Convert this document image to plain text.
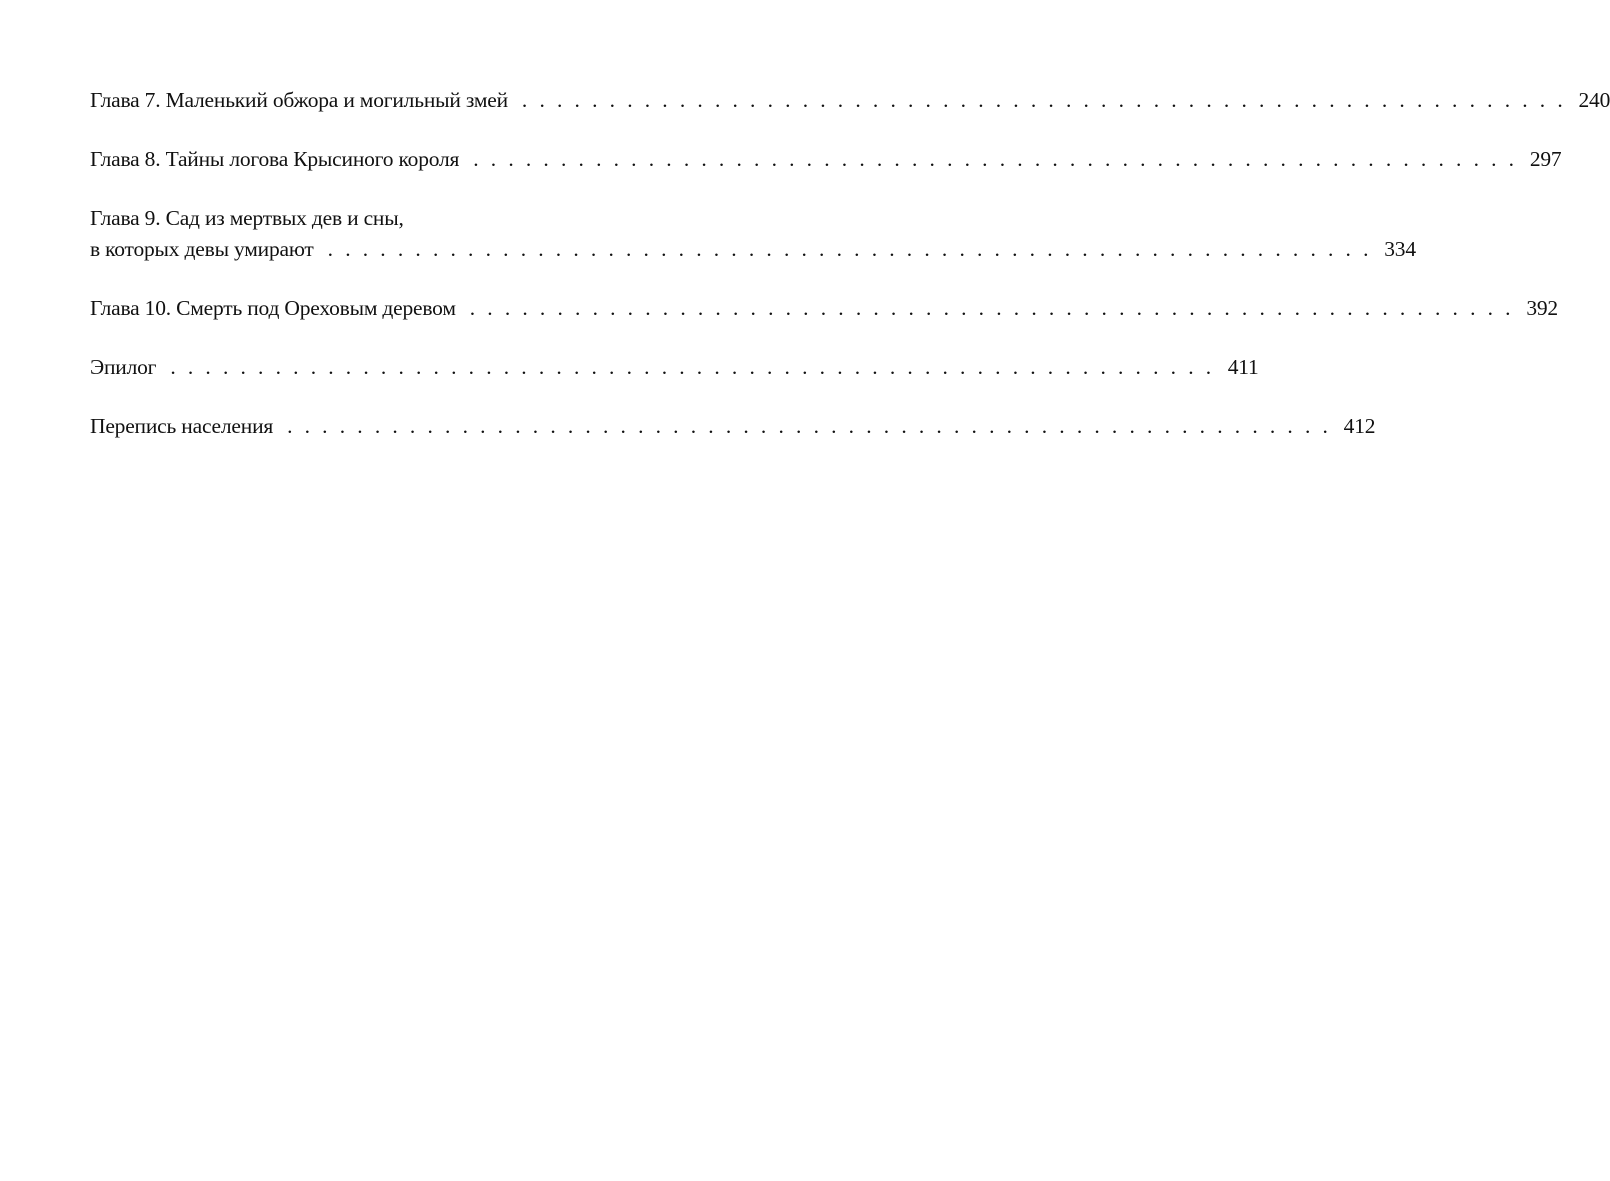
Глава 7. Маленький обжора и могильный змей . . . . . . . . . . . . . . . . . . . . . . . . . . . . . . . . . . . . . . . . . . . . . . . . . . . . . . . . . . . . 240
Глава 8. Тайны логова Крысиного короля . . . . . . . . . . . . . . . . . . . . . . . . . . . . . . . . . . . . . . . . . . . . . . . . . . . . . . . . . . . . 297
Глава 9. Сад из мертвых дев и сны,
в которых девы умирают . . . . . . . . . . . . . . . . . . . . . . . . . . . . . . . . . . . . . . . . . . . . . . . . . . . . . . . . . . . . 334
Глава 10. Смерть под Ореховым деревом . . . . . . . . . . . . . . . . . . . . . . . . . . . . . . . . . . . . . . . . . . . . . . . . . . . . . . . . . . . . 392
Эпилог . . . . . . . . . . . . . . . . . . . . . . . . . . . . . . . . . . . . . . . . . . . . . . . . . . . . . . . . . . . . 411
Перепись населения . . . . . . . . . . . . . . . . . . . . . . . . . . . . . . . . . . . . . . . . . . . . . . . . . . . . . . . . . . . . 412
